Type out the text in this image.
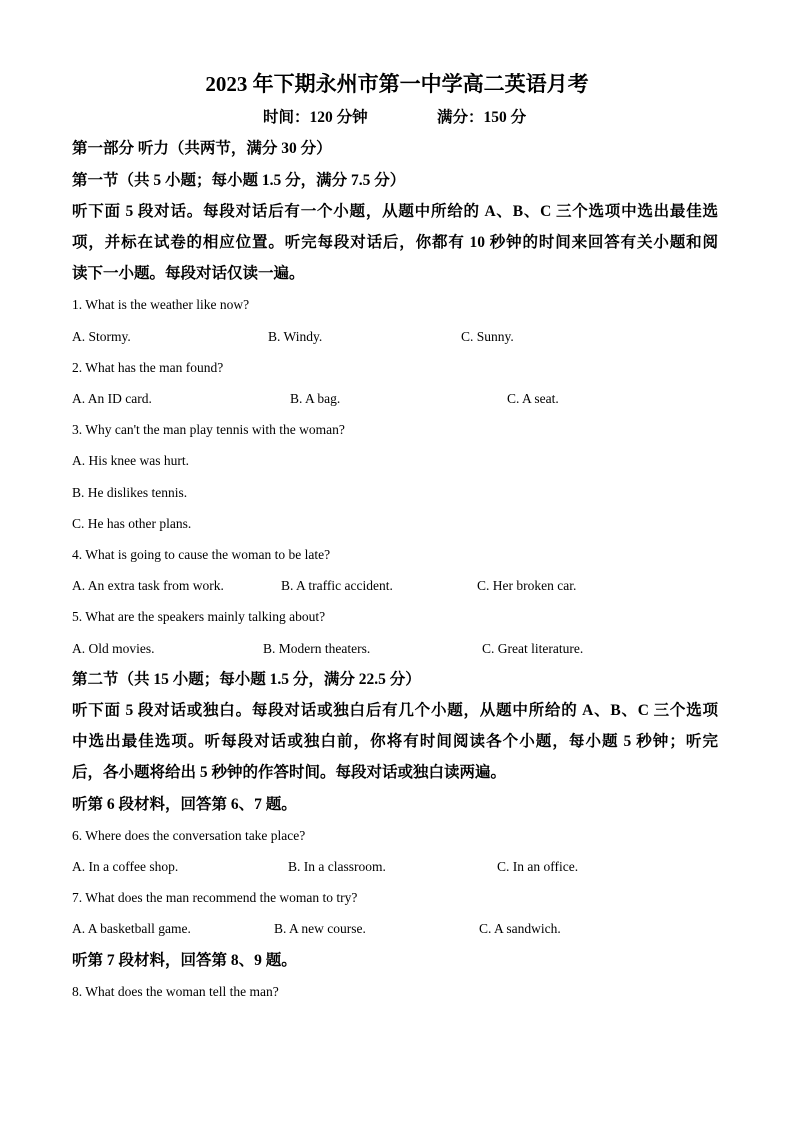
2023 年下期永州市第一中学高二英语月考
时间：120 分钟	满分：150 分
第一部分 听力（共两节，满分 30 分）
第一节（共 5 小题；每小题 1.5 分，满分 7.5 分）
听下面 5 段对话。每段对话后有一个小题，从题中所给的 A、B、C 三个选项中选出最佳选
项，并标在试卷的相应位置。听完每段对话后，你都有 10 秒钟的时间来回答有关小题和阅
读下一小题。每段对话仅读一遍。
1. What is the weather like now?
A. Stormy.	B. Windy.	C. Sunny.
2. What has the man found?
A. An ID card.	B. A bag.	C. A seat.
3. Why can't the man play tennis with the woman?
A. His knee was hurt.
B. He dislikes tennis.
C. He has other plans.
4. What is going to cause the woman to be late?
A. An extra task from work.	B. A traffic accident.	C. Her broken car.
5. What are the speakers mainly talking about?
A. Old movies.	B. Modern theaters.	C. Great literature.
第二节（共 15 小题；每小题 1.5 分，满分 22.5 分）
听下面 5 段对话或独白。每段对话或独白后有几个小题，从题中所给的 A、B、C 三个选项
中选出最佳选项。听每段对话或独白前，你将有时间阅读各个小题，每小题 5 秒钟；听完
后，各小题将给出 5 秒钟的作答时间。每段对话或独白读两遍。
听第 6 段材料，回答第 6、7 题。
6. Where does the conversation take place?
A. In a coffee shop.	B. In a classroom.	C. In an office.
7. What does the man recommend the woman to try?
A. A basketball game.	B. A new course.	C. A sandwich.
听第 7 段材料，回答第 8、9 题。
8. What does the woman tell the man?
